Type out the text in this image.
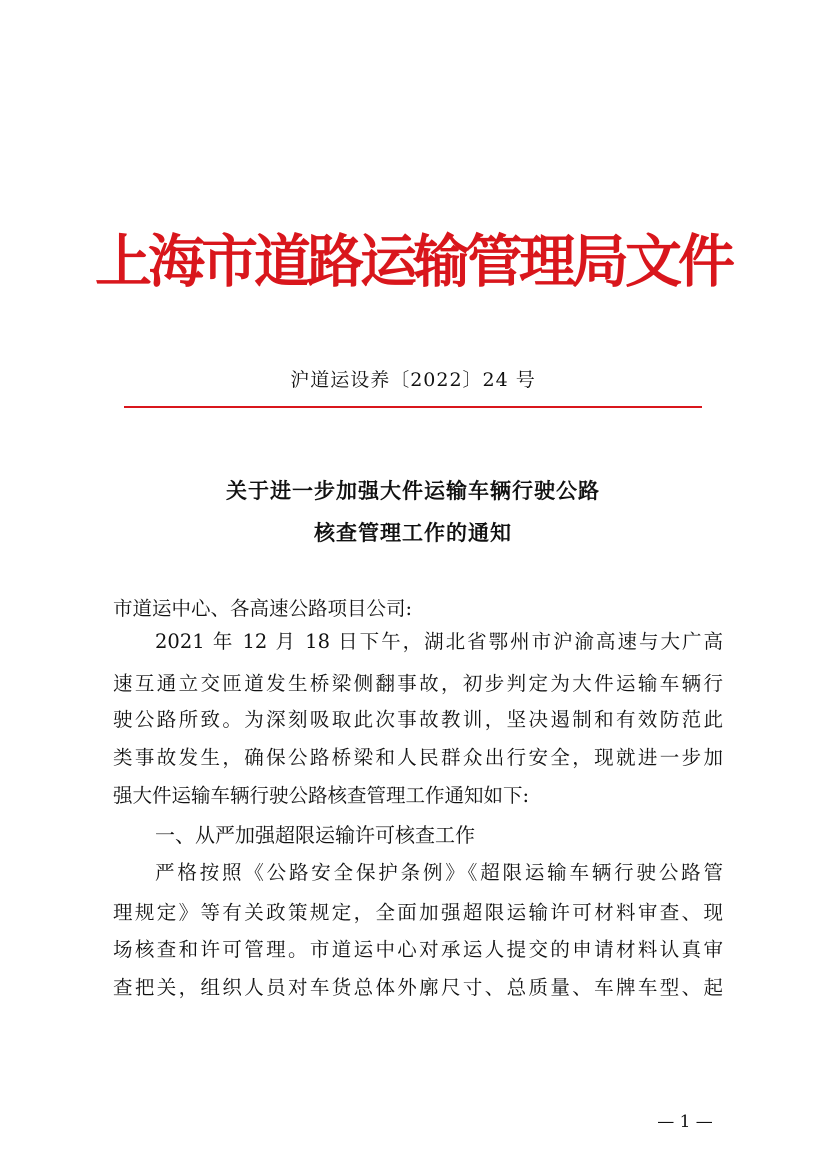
上海市道路运输管理局文件
沪道运设养〔2022〕24 号
关于进一步加强大件运输车辆行驶公路
核查管理工作的通知
市道运中心、各高速公路项目公司:
2021 年 12 月 18 日下午，湖北省鄂州市沪渝高速与大广高
速互通立交匝道发生桥梁侧翻事故，初步判定为大件运输车辆行
驶公路所致。为深刻吸取此次事故教训，坚决遏制和有效防范此
类事故发生，确保公路桥梁和人民群众出行安全，现就进一步加
强大件运输车辆行驶公路核查管理工作通知如下:
一、从严加强超限运输许可核查工作
严格按照《公路安全保护条例》《超限运输车辆行驶公路管
理规定》等有关政策规定，全面加强超限运输许可材料审查、现
场核查和许可管理。市道运中心对承运人提交的申请材料认真审
查把关，组织人员对车货总体外廓尺寸、总质量、车牌车型、起
— 1 —
